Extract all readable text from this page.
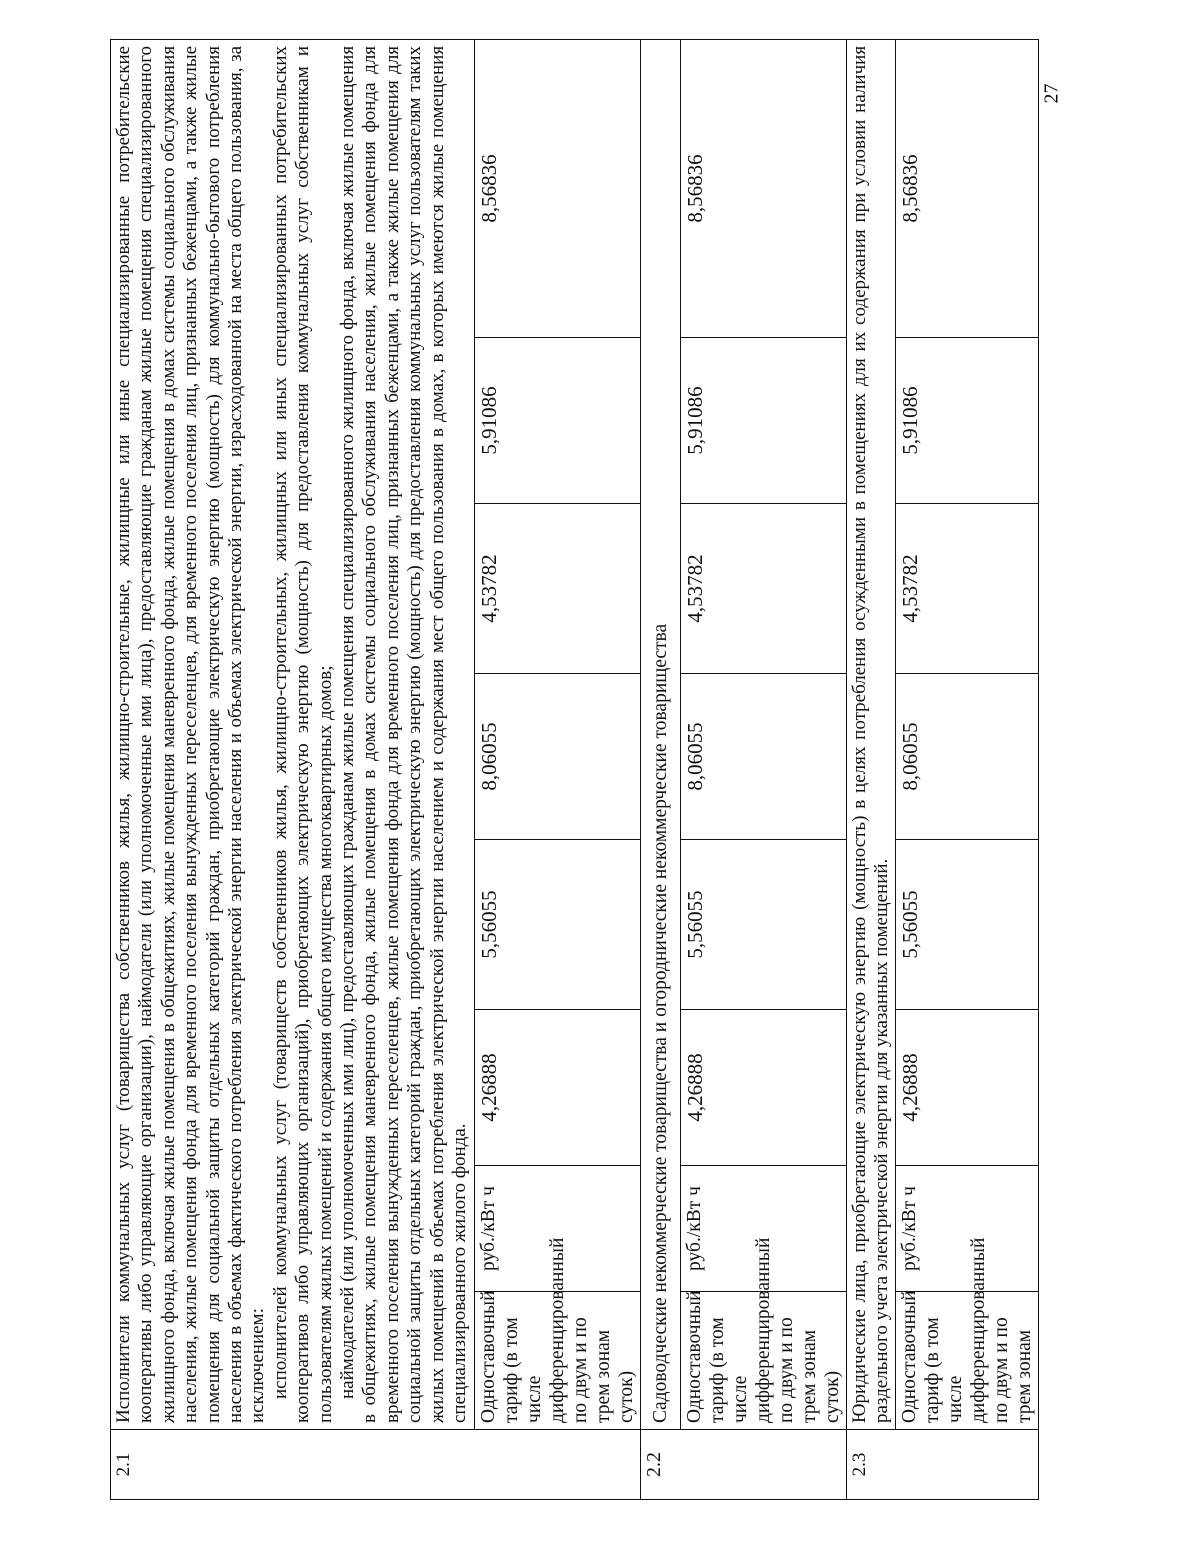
2.1	Исполнители коммунальных услуг (товарищества собственников жилья, жилищно-строительные, жилищные или иные специализированные потребительские кооперативы либо управляющие организации), наймодатели (или уполномоченные ими лица), предоставляющие гражданам жилые помещения специализированного жилищного фонда, включая жилые помещения в общежитиях, жилые помещения маневренного фонда, жилые помещения в домах системы социального обслуживания населения, жилые помещения фонда для временного поселения вынужденных переселенцев, для временного поселения лиц, признанных беженцами, а также жилые помещения для социальной защиты отдельных категорий граждан, приобретающие электрическую энергию (мощность) для коммунально-бытового потребления населения в объемах фактического потребления электрической энергии населения и объемах электрической энергии, израсходованной на места общего пользования, за исключением: исполнителей коммунальных услуг (товариществ собственников жилья, жилищно-строительных, жилищных или иных специализированных потребительских кооперативов либо управляющих организаций), приобретающих электрическую энергию (мощность) для предоставления коммунальных услуг собственникам и пользователям жилых помещений и содержания общего имущества многоквартирных домов; наймодателей (или уполномоченных ими лиц), предоставляющих гражданам жилые помещения специализированного жилищного фонда, включая жилые помещения в общежитиях, жилые помещения маневренного фонда, жилые помещения в домах системы социального обслуживания населения, жилые помещения фонда для временного поселения вынужденных переселенцев, жилые помещения фонда для временного поселения лиц, признанных беженцами, а также жилые помещения для социальной защиты отдельных категорий граждан, приобретающих электрическую энергию (мощность) для предоставления коммунальных услуг пользователям таких жилых помещений в объемах потребления электрической энергии населением и содержания мест общего пользования в домах, в которых имеются жилые помещения специализированного жилого фонда.							

	Одноставочный тариф (в том числе дифференцированный по двум и по трем зонам суток)	руб./кВт ч	4,26888	5,56055	8,06055	4,53782	5,91086	8,56836
2.2	Садоводческие некоммерческие товарищества и огороднические некоммерческие товарищества							

	Одноставочный тариф (в том числе дифференцированный по двум и по трем зонам суток)	руб./кВт ч	4,26888	5,56055	8,06055	4,53782	5,91086	8,56836
2.3	Юридические лица, приобретающие электрическую энергию (мощность) в целях потребления осужденными в помещениях для их содержания при условии наличия раздельного учета электрической энергии для указанных помещений.							

	Одноставочный тариф (в том числе дифференцированный по двум и по трем зонам	руб./кВт ч	4,26888	5,56055	8,06055	4,53782	5,91086	8,56836
27
